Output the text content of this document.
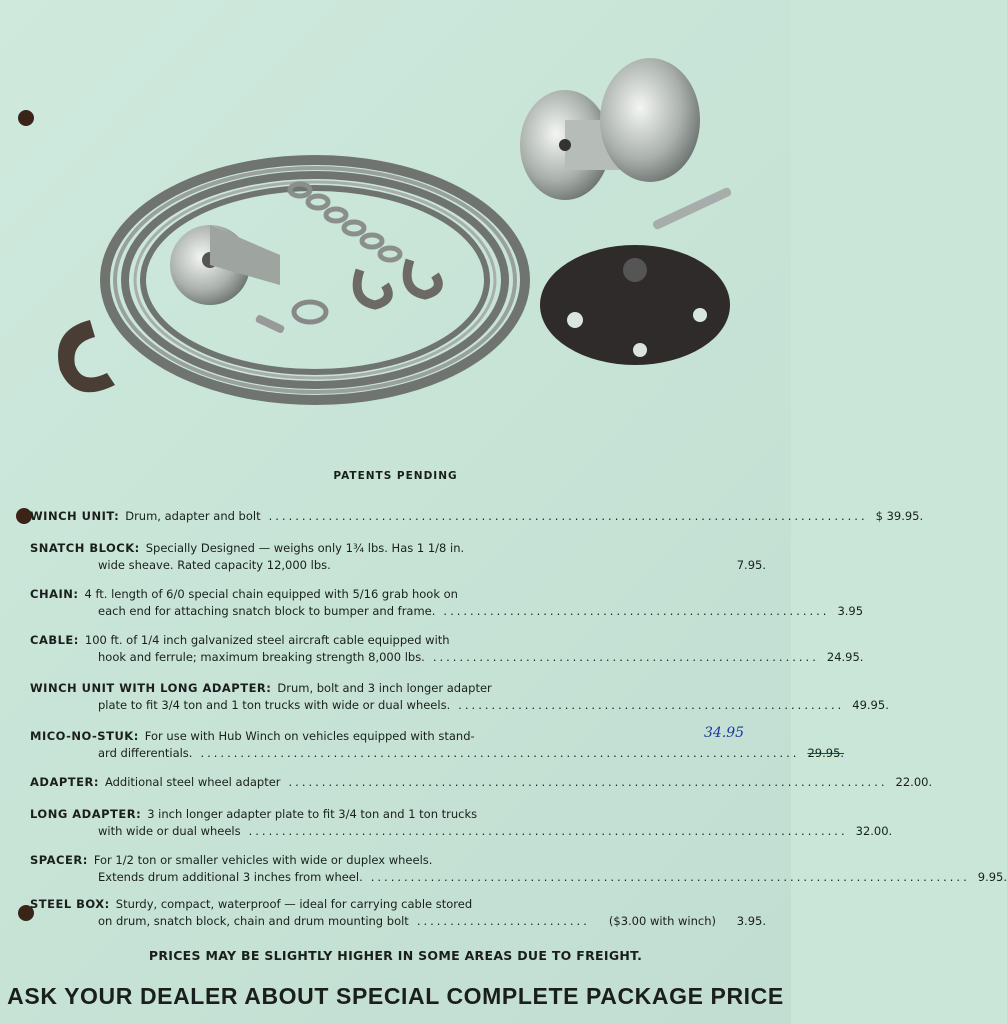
PATENTS PENDING
WINCH UNIT: Drum, adapter and bolt .......................................................................................... $ 39.95.
SNATCH BLOCK: Specially Designed — weighs only 1¾ lbs. Has 1 1/8 in.
wide sheave. Rated capacity 12,000 lbs.	7.95.
CHAIN: 4 ft. length of 6/0 special chain equipped with 5/16 grab hook on
each end for attaching snatch block to bumper and frame. .......................................................... 3.95
CABLE: 100 ft. of 1/4 inch galvanized steel aircraft cable equipped with
hook and ferrule; maximum breaking strength 8,000 lbs. .......................................................... 24.95.
WINCH UNIT WITH LONG ADAPTER: Drum, bolt and 3 inch longer adapter
plate to fit 3/4 ton and 1 ton trucks with wide or dual wheels. .......................................................... 49.95.
MICO-NO-STUK: For use with Hub Winch on vehicles equipped with stand-
ard differentials. .......................................................................................... 29.95.
34.95
ADAPTER: Additional steel wheel adapter .......................................................................................... 22.00.
LONG ADAPTER: 3 inch longer adapter plate to fit 3/4 ton and 1 ton trucks
with wide or dual wheels .......................................................................................... 32.00.
SPACER: For 1/2 ton or smaller vehicles with wide or duplex wheels.
Extends drum additional 3 inches from wheel. .......................................................................................... 9.95.
STEEL BOX: Sturdy, compact, waterproof — ideal for carrying cable stored
on drum, snatch block, chain and drum mounting bolt ..........................	($3.00 with winch)	3.95.
PRICES MAY BE SLIGHTLY HIGHER IN SOME AREAS DUE TO FREIGHT.
ASK YOUR DEALER ABOUT SPECIAL COMPLETE PACKAGE PRICE
